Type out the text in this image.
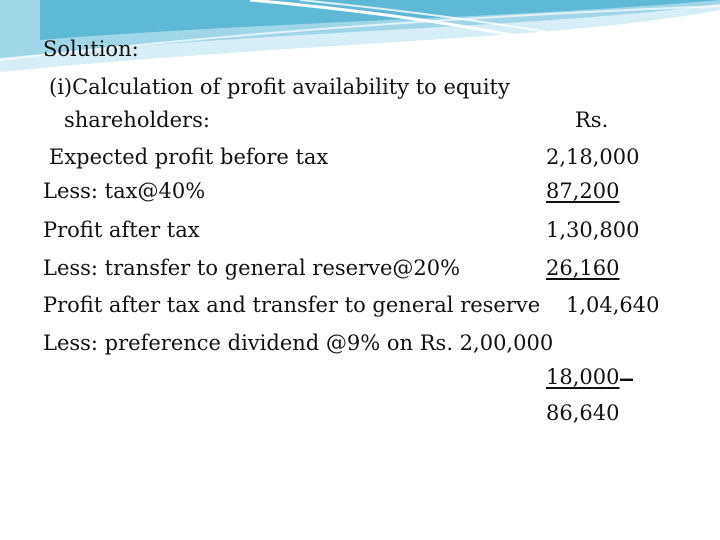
Solution:
(i)Calculation of profit availability to equity
shareholders:	Rs.
Expected profit before tax	2,18,000
Less: tax@40%	87,200
Profit after tax	1,30,800
Less: transfer to general reserve@20%	26,160
Profit after tax and transfer to general reserve 1,04,640
Less: preference dividend @9% on Rs. 2,00,000
_
18,000
86,640
